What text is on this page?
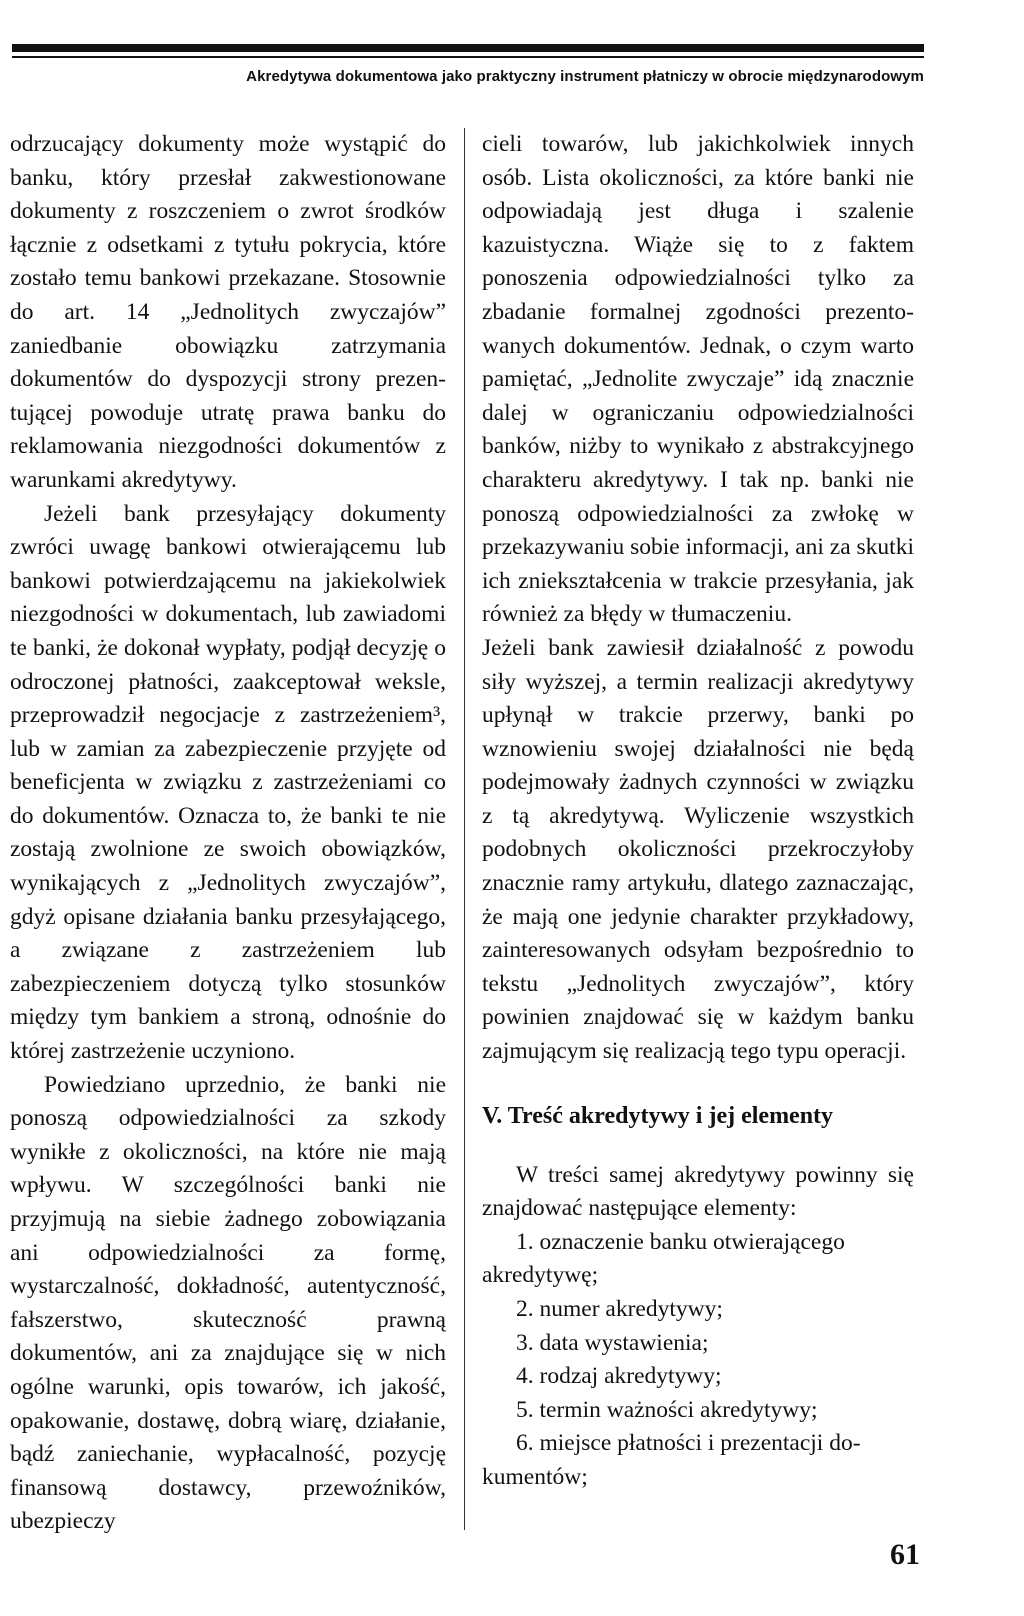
Akredytywa dokumentowa jako praktyczny instrument płatniczy w obrocie międzynarodowym

odrzucający dokumenty może wystąpić do banku, który przesłał zakwestionowane dokumenty z roszczeniem o zwrot środków łącznie z odsetkami z tytułu pokrycia, które zostało temu bankowi przekazane. Stosownie do art. 14 „Jednolitych zwyczajów” zaniedbanie obowiązku zatrzymania dokumentów do dyspozycji strony prezentującej powoduje utratę prawa banku do reklamowania niezgodności dokumentów z warunkami akredytywy.

Jeżeli bank przesyłający dokumenty zwróci uwagę bankowi otwierającemu lub bankowi potwierdzającemu na jakiekolwiek niezgodności w dokumentach, lub zawiadomi te banki, że dokonał wypłaty, podjął decyzję o odroczonej płatności, zaakceptował weksle, przeprowadził negocjacje z zastrzeżeniem³, lub w zamian za zabezpieczenie przyjęte od beneficjenta w związku z zastrzeżeniami co do dokumentów. Oznacza to, że banki te nie zostają zwolnione ze swoich obowiązków, wynikających z „Jednolitych zwyczajów”, gdyż opisane działania banku przesyłającego, a związane z zastrzeżeniem lub zabezpieczeniem dotyczą tylko stosunków między tym bankiem a stroną, odnośnie do której zastrzeżenie uczyniono.

Powiedziano uprzednio, że banki nie ponoszą odpowiedzialności za szkody wynikłe z okoliczności, na które nie mają wpływu. W szczególności banki nie przyjmują na siebie żadnego zobowiązania ani odpowiedzialności za formę, wystarczalność, dokładność, autentyczność, fałszerstwo, skuteczność prawną dokumentów, ani za znajdujące się w nich ogólne warunki, opis towarów, ich jakość, opakowanie, dostawę, dobrą wiarę, działanie, bądź zaniechanie, wypłacalność, pozycję finansową dostawcy, przewoźników, ubezpieczy

cieli towarów, lub jakichkolwiek innych osób. Lista okoliczności, za które banki nie odpowiadają jest długa i szalenie kazuistyczna. Wiąże się to z faktem ponoszenia odpowiedzialności tylko za zbadanie formalnej zgodności prezentowanych dokumentów. Jednak, o czym warto pamiętać, „Jednolite zwyczaje” idą znacznie dalej w ograniczaniu odpowiedzialności banków, niżby to wynikało z abstrakcyjnego charakteru akredytywy. I tak np. banki nie ponoszą odpowiedzialności za zwłokę w przekazywaniu sobie informacji, ani za skutki ich zniekształcenia w trakcie przesyłania, jak również za błędy w tłumaczeniu.

Jeżeli bank zawiesił działalność z powodu siły wyższej, a termin realizacji akredytywy upłynął w trakcie przerwy, banki po wznowieniu swojej działalności nie będą podejmowały żadnych czynności w związku z tą akredytywą. Wyliczenie wszystkich podobnych okoliczności przekroczyłoby znacznie ramy artykułu, dlatego zaznaczając, że mają one jedynie charakter przykładowy, zainteresowanych odsyłam bezpośrednio to tekstu „Jednolitych zwyczajów”, który powinien znajdować się w każdym banku zajmującym się realizacją tego typu operacji.

V. Treść akredytywy i jej elementy

W treści samej akredytywy powinny się znajdować następujące elementy:

1. oznaczenie banku otwierającego akredytywę;

2. numer akredytywy;

3. data wystawienia;

4. rodzaj akredytywy;

5. termin ważności akredytywy;

6. miejsce płatności i prezentacji dokumentów;

61
